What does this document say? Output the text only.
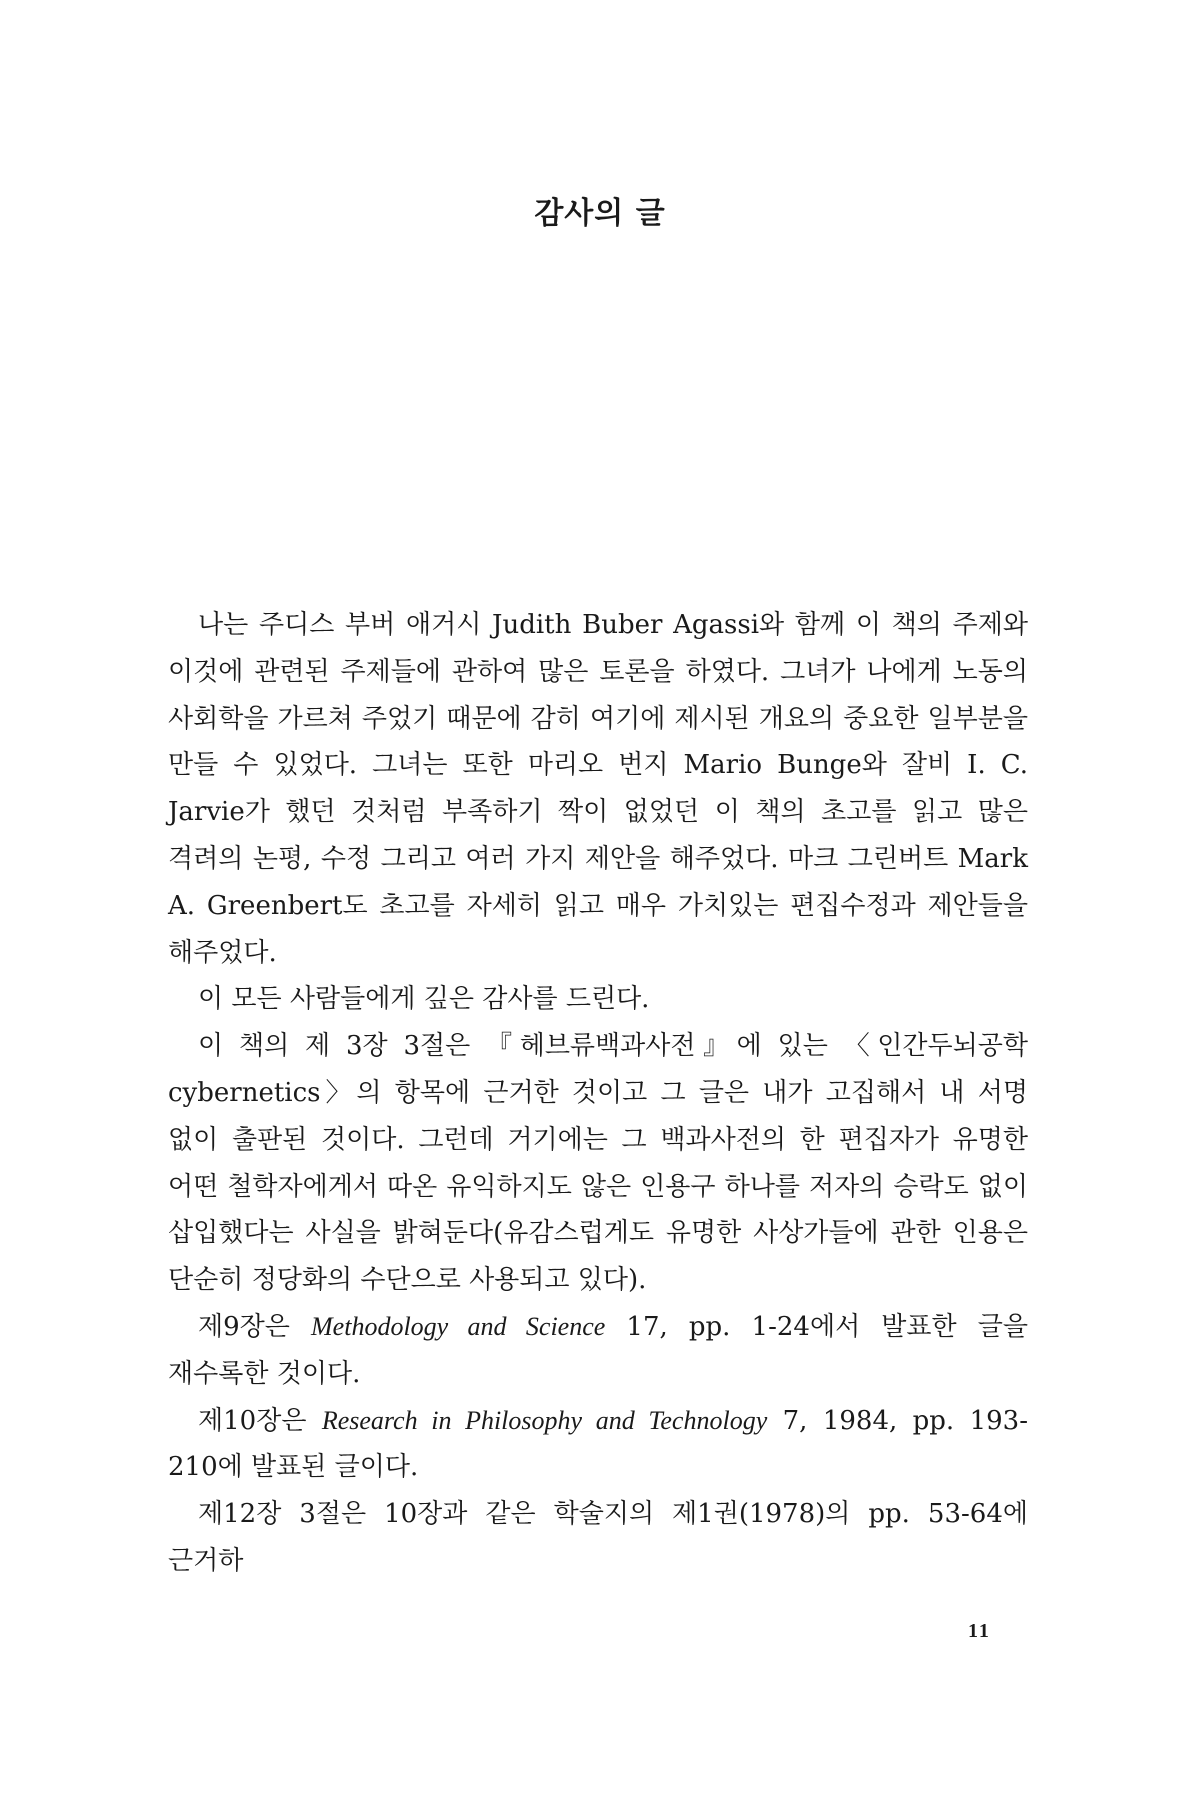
감사의 글

나는 주디스 부버 애거시 Judith Buber Agassi와 함께 이 책의 주제와 이것에 관련된 주제들에 관하여 많은 토론을 하였다. 그녀가 나에게 노동의 사회학을 가르쳐 주었기 때문에 감히 여기에 제시된 개요의 중요한 일부분을 만들 수 있었다. 그녀는 또한 마리오 번지 Mario Bunge와 잘비 I. C. Jarvie가 했던 것처럼 부족하기 짝이 없었던 이 책의 초고를 읽고 많은 격려의 논평, 수정 그리고 여러 가지 제안을 해주었다. 마크 그린버트 Mark A. Greenbert도 초고를 자세히 읽고 매우 가치있는 편집수정과 제안들을 해주었다.

이 모든 사람들에게 깊은 감사를 드린다.

이 책의 제 3장 3절은 『헤브류백과사전』에 있는 〈인간두뇌공학 cybernetics〉의 항목에 근거한 것이고 그 글은 내가 고집해서 내 서명 없이 출판된 것이다. 그런데 거기에는 그 백과사전의 한 편집자가 유명한 어떤 철학자에게서 따온 유익하지도 않은 인용구 하나를 저자의 승락도 없이 삽입했다는 사실을 밝혀둔다(유감스럽게도 유명한 사상가들에 관한 인용은 단순히 정당화의 수단으로 사용되고 있다).

제9장은 Methodology and Science 17, pp. 1-24에서 발표한 글을 재수록한 것이다.

제10장은 Research in Philosophy and Technology 7, 1984, pp. 193-210에 발표된 글이다.

제12장 3절은 10장과 같은 학술지의 제1권(1978)의 pp. 53-64에 근거하

11
